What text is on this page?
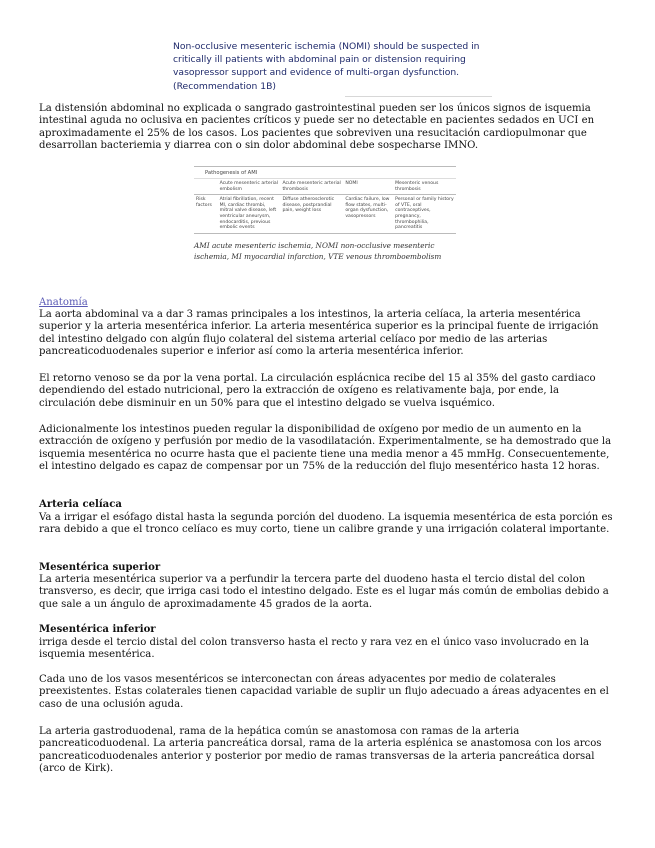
Non-occlusive mesenteric ischemia (NOMI) should be suspected in critically ill patients with abdominal pain or distension requiring vasopressor support and evidence of multi-organ dysfunction. (Recommendation 1B)

La distensión abdominal no explicada o sangrado gastrointestinal pueden ser los únicos signos de isquemia intestinal aguda no oclusiva en pacientes críticos y puede ser no detectable en pacientes sedados en UCI en aproximadamente el 25% de los casos. Los pacientes que sobreviven una resucitación cardiopulmonar que desarrollan bacteriemia y diarrea con o sin dolor abdominal debe sospecharse IMNO.

Pathogenesis of AMI
	Acute mesenteric arterial embolism	Acute mesenteric arterial thrombosis	NOMI	Mesenteric venous thrombosis
Risk factors	Atrial fibrillation, recent MI, cardiac thrombi, mitral valve disease, left ventricular aneurysm, endocarditis, previous embolic events	Diffuse atherosclerotic disease, postprandial pain, weight loss	Cardiac failure, low flow states, multi-organ dysfunction, vasopressors	Personal or family history of VTE, oral contraceptives, pregnancy, thrombophilia, pancreatitis
AMI acute mesenteric ischemia, NOMI non-occlusive mesenteric ischemia, MI myocardial infarction, VTE venous thromboembolism
Anatomía

La aorta abdominal va a dar 3 ramas principales a los intestinos, la arteria celíaca, la arteria mesentérica superior y la arteria mesentérica inferior. La arteria mesentérica superior es la principal fuente de irrigación del intestino delgado con algún flujo colateral del sistema arterial celíaco por medio de las arterias pancreaticoduodenales superior e inferior así como la arteria mesentérica inferior.

El retorno venoso se da por la vena portal. La circulación esplácnica recibe del 15 al 35% del gasto cardiaco dependiendo del estado nutricional, pero la extracción de oxígeno es relativamente baja, por ende, la circulación debe disminuir en un 50% para que el intestino delgado se vuelva isquémico.

Adicionalmente los intestinos pueden regular la disponibilidad de oxígeno por medio de un aumento en la extracción de oxígeno y perfusión por medio de la vasodilatación. Experimentalmente, se ha demostrado que la isquemia mesentérica no ocurre hasta que el paciente tiene una media menor a 45 mmHg. Consecuentemente, el intestino delgado es capaz de compensar por un 75% de la reducción del flujo mesentérico hasta 12 horas.

Arteria celíaca

Va a irrigar el esófago distal hasta la segunda porción del duodeno. La isquemia mesentérica de esta porción es rara debido a que el tronco celíaco es muy corto, tiene un calibre grande y una irrigación colateral importante.

Mesentérica superior

La arteria mesentérica superior va a perfundir la tercera parte del duodeno hasta el tercio distal del colon transverso, es decir, que irriga casi todo el intestino delgado. Este es el lugar más común de embolias debido a que sale a un ángulo de aproximadamente 45 grados de la aorta.

Mesentérica inferior

irriga desde el tercio distal del colon transverso hasta el recto y rara vez en el único vaso involucrado en la isquemia mesentérica.

Cada uno de los vasos mesentéricos se interconectan con áreas adyacentes por medio de colaterales preexistentes. Estas colaterales tienen capacidad variable de suplir un flujo adecuado a áreas adyacentes en el caso de una oclusión aguda.

La arteria gastroduodenal, rama de la hepática común se anastomosa con ramas de la arteria pancreaticoduodenal. La arteria pancreática dorsal, rama de la arteria esplénica se anastomosa con los arcos pancreaticoduodenales anterior y posterior por medio de ramas transversas de la arteria pancreática dorsal (arco de Kirk).
